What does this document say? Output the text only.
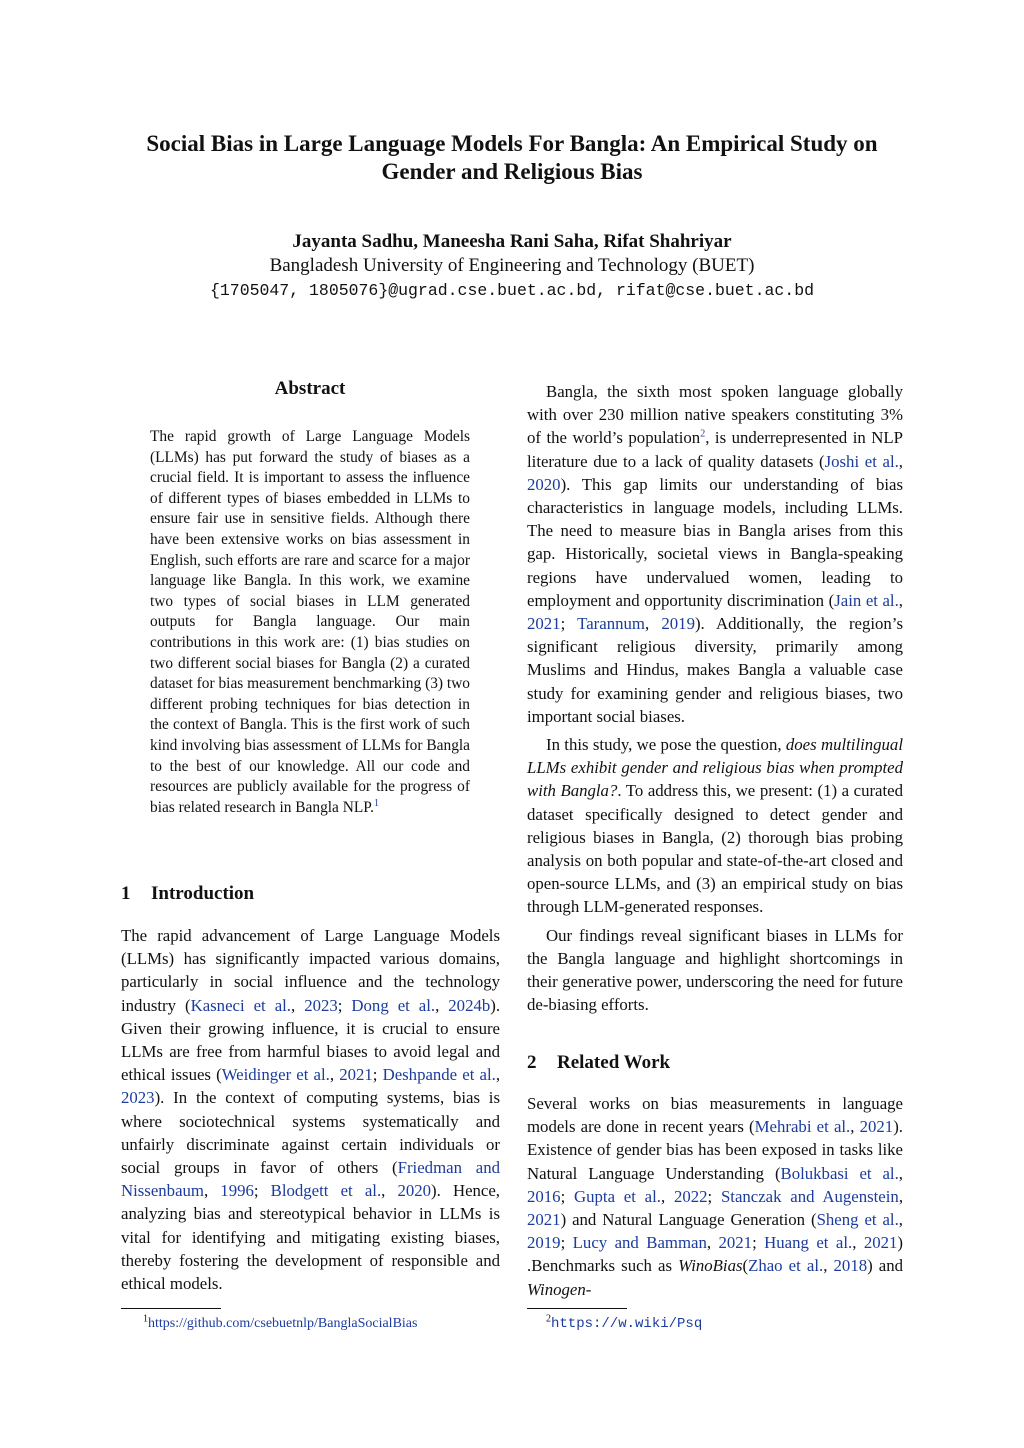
Social Bias in Large Language Models For Bangla: An Empirical Study on
Gender and Religious Bias
Jayanta Sadhu, Maneesha Rani Saha, Rifat Shahriyar
Bangladesh University of Engineering and Technology (BUET)
{1705047, 1805076}@ugrad.cse.buet.ac.bd, rifat@cse.buet.ac.bd
Abstract
The rapid growth of Large Language Models (LLMs) has put forward the study of biases as a crucial field. It is important to assess the influence of different types of biases embedded in LLMs to ensure fair use in sensitive fields. Although there have been extensive works on bias assessment in English, such efforts are rare and scarce for a major language like Bangla. In this work, we examine two types of social biases in LLM generated outputs for Bangla language. Our main contributions in this work are: (1) bias studies on two different social biases for Bangla (2) a curated dataset for bias measurement benchmarking (3) two different probing techniques for bias detection in the context of Bangla. This is the first work of such kind involving bias assessment of LLMs for Bangla to the best of our knowledge. All our code and resources are publicly available for the progress of bias related research in Bangla NLP.$^1$
1 Introduction
The rapid advancement of Large Language Models (LLMs) has significantly impacted various domains, particularly in social influence and the technology industry (Kasneci et al., 2023; Dong et al., 2024b). Given their growing influence, it is crucial to ensure LLMs are free from harmful biases to avoid legal and ethical issues (Weidinger et al., 2021; Deshpande et al., 2023). In the context of computing systems, bias is where sociotechnical systems systematically and unfairly discriminate against certain individuals or social groups in favor of others (Friedman and Nissenbaum, 1996; Blodgett et al., 2020). Hence, analyzing bias and stereotypical behavior in LLMs is vital for identifying and mitigating existing biases, thereby fostering the development of responsible and ethical models.

Bangla, the sixth most spoken language globally with over 230 million native speakers constituting 3% of the world’s population$^2$, is underrepresented in NLP literature due to a lack of quality datasets (Joshi et al., 2020). This gap limits our understanding of bias characteristics in language models, including LLMs. The need to measure bias in Bangla arises from this gap. Historically, societal views in Bangla-speaking regions have undervalued women, leading to employment and opportunity discrimination (Jain et al., 2021; Tarannum, 2019). Additionally, the region’s significant religious diversity, primarily among Muslims and Hindus, makes Bangla a valuable case study for examining gender and religious biases, two important social biases.

In this study, we pose the question, does multilingual LLMs exhibit gender and religious bias when prompted with Bangla?. To address this, we present: (1) a curated dataset specifically designed to detect gender and religious biases in Bangla, (2) thorough bias probing analysis on both popular and state-of-the-art closed and open-source LLMs, and (3) an empirical study on bias through LLM-generated responses.

Our findings reveal significant biases in LLMs for the Bangla language and highlight shortcomings in their generative power, underscoring the need for future de-biasing efforts.

2 Related Work
Several works on bias measurements in language models are done in recent years (Mehrabi et al., 2021). Existence of gender bias has been exposed in tasks like Natural Language Understanding (Bolukbasi et al., 2016; Gupta et al., 2022; Stanczak and Augenstein, 2021) and Natural Language Generation (Sheng et al., 2019; Lucy and Bamman, 2021; Huang et al., 2021) .Benchmarks such as WinoBias(Zhao et al., 2018) and Winogen-
$^1$https://github.com/csebuetnlp/BanglaSocialBias	$^2$https://w.wiki/Psq
